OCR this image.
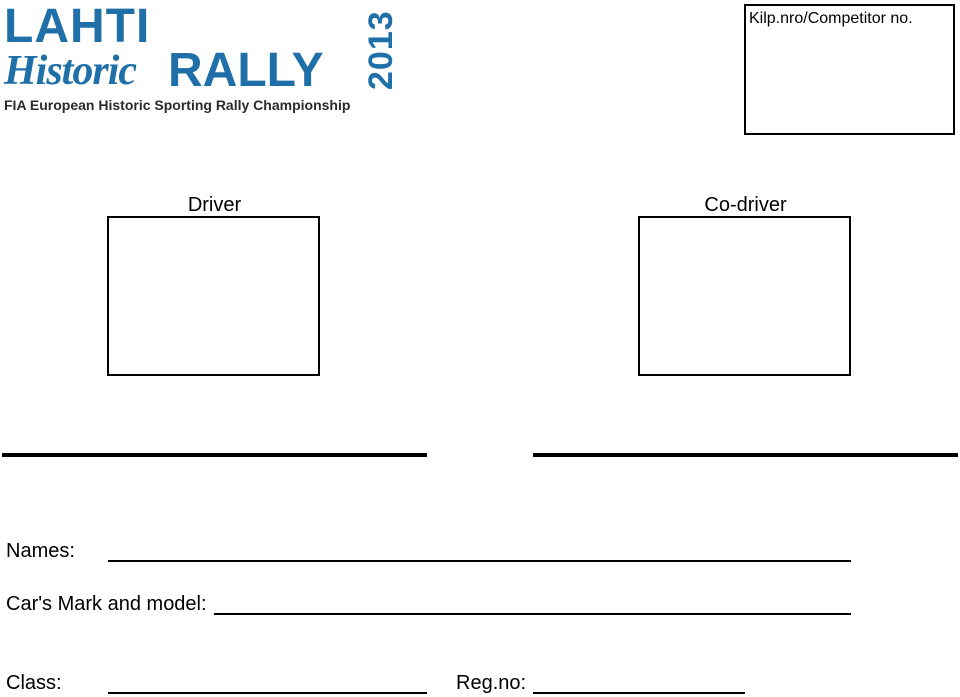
LAHTI
Historic RALLY 2013
FIA European Historic Sporting Rally Championship
Kilp.nro/Competitor no.
Driver	Co-driver
Names:
Car's Mark and model:
Class:	Reg.no:
